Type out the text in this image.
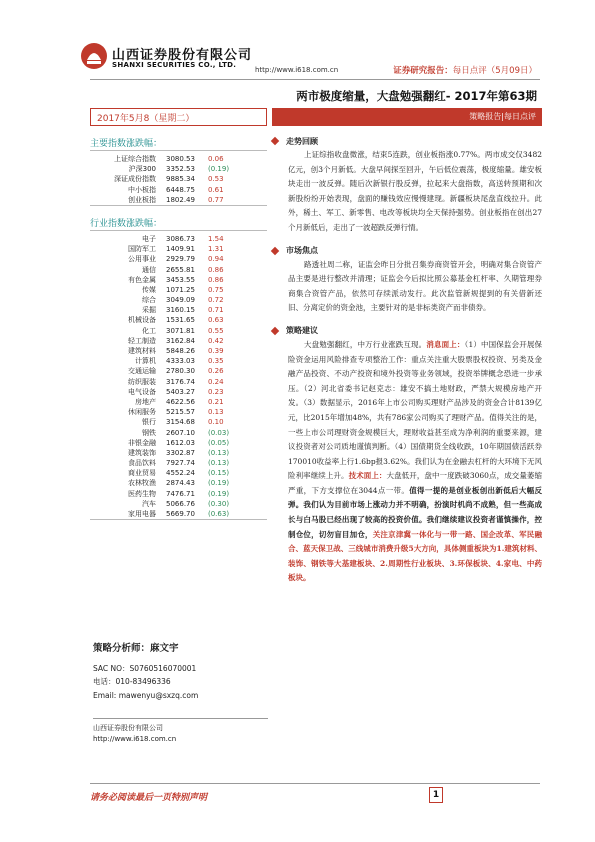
山西证券股份有限公司
SHANXI SECURITIES CO., LTD.
http://www.i618.com.cn	证券研究报告：每日点评（5月09日）
两市极度缩量，大盘勉强翻红- 2017年第63期
2017年5月8（星期二）
主要指数涨跌幅：
上证综合指数	3080.53	0.06
沪深300	3352.53	(0.19)
深证成份指数	9885.34	0.53
中小板指	6448.75	0.61
创业板指	1802.49	0.77
行业指数涨跌幅：
电子	3086.73	1.54
国防军工	1409.91	1.31
公用事业	2929.79	0.94
通信	2655.81	0.86
有色金属	3453.55	0.86
传媒	1071.25	0.75
综合	3049.09	0.72
采掘	3160.15	0.71
机械设备	1531.65	0.63
化工	3071.81	0.55
轻工制造	3162.84	0.42
建筑材料	5848.26	0.39
计算机	4333.03	0.35
交通运输	2780.30	0.26
纺织服装	3176.74	0.24
电气设备	5403.27	0.23
房地产	4622.56	0.21
休闲服务	5215.57	0.13
银行	3154.68	0.10
钢铁	2607.10	(0.03)
非银金融	1612.03	(0.05)
建筑装饰	3302.87	(0.13)
食品饮料	7927.74	(0.13)
商业贸易	4552.24	(0.15)
农林牧渔	2874.43	(0.19)
医药生物	7476.71	(0.19)
汽车	5066.76	(0.30)
家用电器	5669.70	(0.63)
策略分析师：麻文宇
SAC NO：S0760516070001
电话：010-83496336
Email: mawenyu@sxzq.com
山西证券股份有限公司
http://www.i618.com.cn
策略报告|每日点评
走势回顾

上证综指收盘微涨，结束5连跌，创业板指涨0.77%。两市成交仅3482亿元，创3个月新低。大盘早间探至回升，午后低位震荡，极度缩量。雄安板块走出一波反弹。随后次新银行股反弹，拉起来大盘指数，高送转预期和次新股纷纷开始表现，盘面的赚钱效应慢慢建现。新疆板块尾盘直线拉升。此外，稀土、军工、新零售、电改等板块均全天保持强势。创业板指在创出27个月新低后，走出了一波超跌反弹行情。

市场焦点

路透社周二称，证监会昨日分批召集券商资管开会，明确对集合资管产品主要是进行整改并清理；证监会今后拟比照公募基金杠杆率、久期管理券商集合资管产品，依然可存续派动发行。此次监管新规提到的有关借新还旧、分离定价的资金池，主要针对的是非标类资产而非债券。

策略建议

大盘勉强翻红，中万行业涨跌互现。消息面上：（1）中国保监会开展保险资金运用风险排查专项整治工作：重点关注重大股票股权投资、另类及金融产品投资、不动产投资和境外投资等业务领域，投资举牌概念恐进一步承压。（2）河北省委书记赵克志：雄安不搞土地财政，严禁大规模房地产开发。（3）数据显示，2016年上市公司购买理财产品涉及的资金合计8139亿元，比2015年增加48%，共有786家公司购买了理财产品。值得关注的是，一些上市公司理财资金规模巨大，理财收益甚至成为净利润的重要来源，建议投资者对公司质地谨慎判断。（4）国债期货全线收跌，10年期国债活跃券170010收益率上行1.6bp报3.62%。我们认为在金融去杠杆的大环境下无风险利率继续上升。技术面上：大盘低开，盘中一度跌破3060点，成交量萎缩严重，下方支撑位在3044点一带。值得一提的是创业板创出新低后大幅反弹。我们认为目前市场上涨动力并不明确，扮演时机尚不成熟，但一些高成长与白马股已经出现了较高的投资价值。我们继续建议投资者谨慎操作，控制仓位，切勿盲目加仓，关注京津冀一体化与一带一路、国企改革、军民融合、蓝天保卫战、三线城市消费升级5大方向，具体侧重板块为1.建筑材料、装饰、钢铁等大基建板块、2.周期性行业板块、3.环保板块、4.家电、中药板块。

请务必阅读最后一页特别声明	1
